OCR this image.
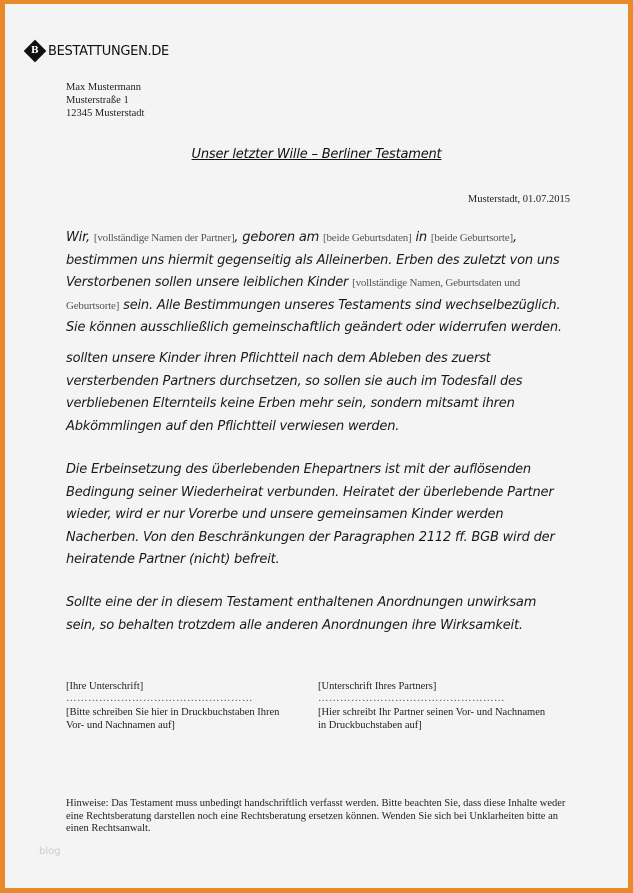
B BESTATTUNGEN.DE
Max Mustermann
Musterstraße 1
12345 Musterstadt
Unser letzter Wille – Berliner Testament
Musterstadt, 01.07.2015
Wir, [vollständige Namen der Partner], geboren am [beide Geburtsdaten] in [beide Geburtsorte],
bestimmen uns hiermit gegenseitig als Alleinerben. Erben des zuletzt von uns
Verstorbenen sollen unsere leiblichen Kinder [vollständige Namen, Geburtsdaten und
Geburtsorte] sein. Alle Bestimmungen unseres Testaments sind wechselbezüglich.
Sie können ausschließlich gemeinschaftlich geändert oder widerrufen werden.
sollten unsere Kinder ihren Pflichtteil nach dem Ableben des zuerst
versterbenden Partners durchsetzen, so sollen sie auch im Todesfall des
verbliebenen Elternteils keine Erben mehr sein, sondern mitsamt ihren
Abkömmlingen auf den Pflichtteil verwiesen werden.
Die Erbeinsetzung des überlebenden Ehepartners ist mit der auflösenden
Bedingung seiner Wiederheirat verbunden. Heiratet der überlebende Partner
wieder, wird er nur Vorerbe und unsere gemeinsamen Kinder werden
Nacherben. Von den Beschränkungen der Paragraphen 2112 ff. BGB wird der
heiratende Partner (nicht) befreit.
Sollte eine der in diesem Testament enthaltenen Anordnungen unwirksam
sein, so behalten trotzdem alle anderen Anordnungen ihre Wirksamkeit.
[Ihre Unterschrift]
……………………………………………
[Bitte schreiben Sie hier in Druckbuchstaben Ihren
Vor- und Nachnamen auf]
[Unterschrift Ihres Partners]
……………………………………………
[Hier schreibt Ihr Partner seinen Vor- und Nachnamen
in Druckbuchstaben auf]
Hinweise: Das Testament muss unbedingt handschriftlich verfasst werden. Bitte beachten Sie, dass diese Inhalte weder eine Rechtsberatung darstellen noch eine Rechtsberatung ersetzen können. Wenden Sie sich bei Unklarheiten bitte an einen Rechtsanwalt.
blog
